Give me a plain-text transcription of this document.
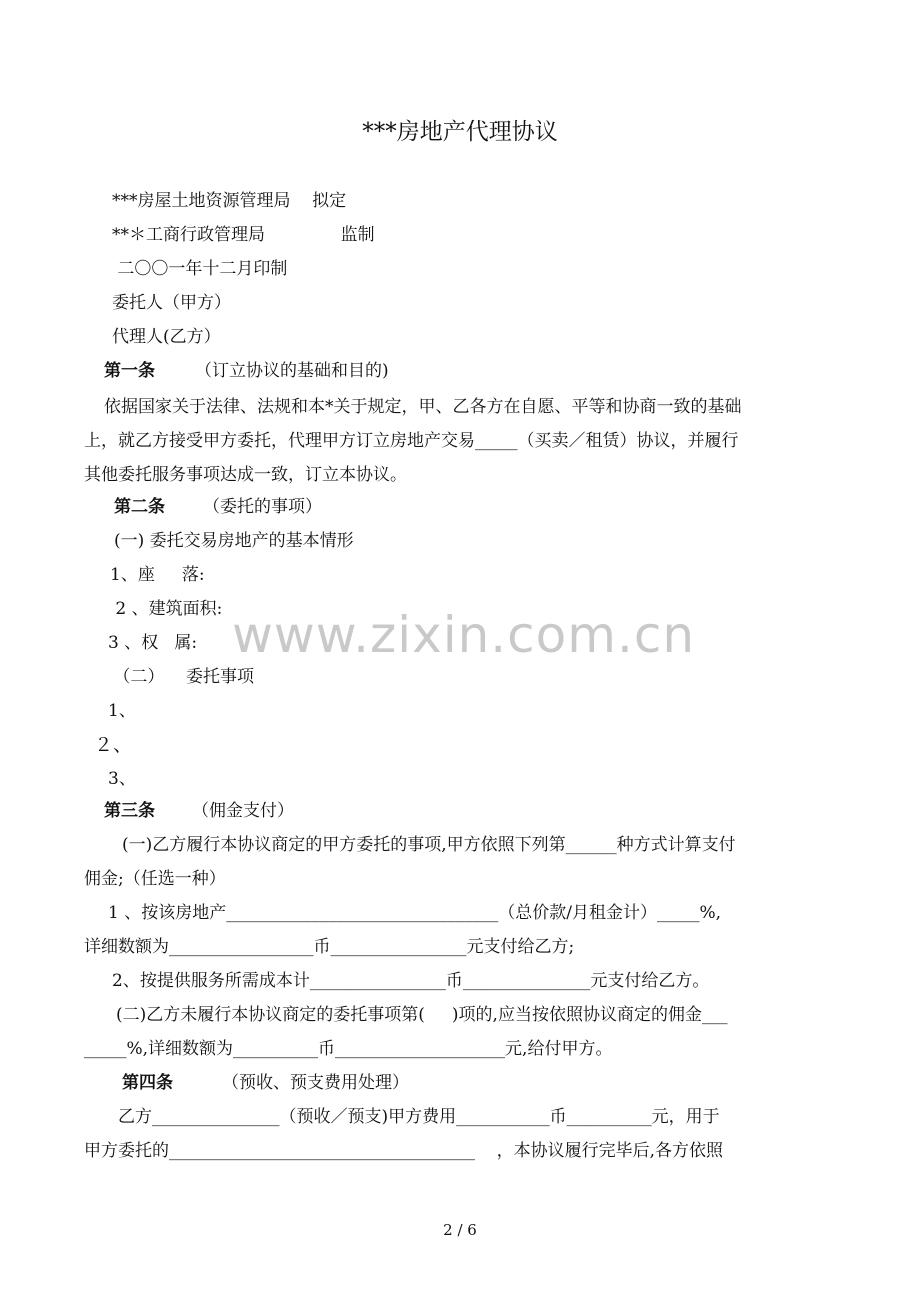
***房地产代理协议
***房屋土地资源管理局    拟定
**＊工商行政管理局              监制
二〇〇一年十二月印制
委托人（甲方）
代理人(乙方）
第一条 （订立协议的基础和目的)
依据国家关于法律、法规和本*关于规定，甲、乙各方在自愿、平等和协商一致的基础
上，就乙方接受甲方委托，代理甲方订立房地产交易_____（买卖／租赁）协议，并履行
其他委托服务事项达成一致，订立本协议。
第二条 （委托的事项）
(一) 委托交易房地产的基本情形
1、座     落:
2 、建筑面积:
3 、权   属:
（二）    委托事项
1、
２、
3、
第三条 （佣金支付）
(一)乙方履行本协议商定的甲方委托的事项,甲方依照下列第______种方式计算支付
佣金;（任选一种）
1 、按该房地产________________________________（总价款/月租金计）_____%,
详细数额为_________________币________________元支付给乙方;
2、按提供服务所需成本计________________币_______________元支付给乙方。
(二)乙方未履行本协议商定的委托事项第(     )项的,应当按依照协议商定的佣金___
_____%,详细数额为__________币____________________元,给付甲方。
第四条	（预收、预支费用处理）
乙方_______________（预收／预支)甲方费用___________币__________元，用于
甲方委托的____________________________________    ，本协议履行完毕后,各方依照
www.zixin.com.cn
2 / 6
